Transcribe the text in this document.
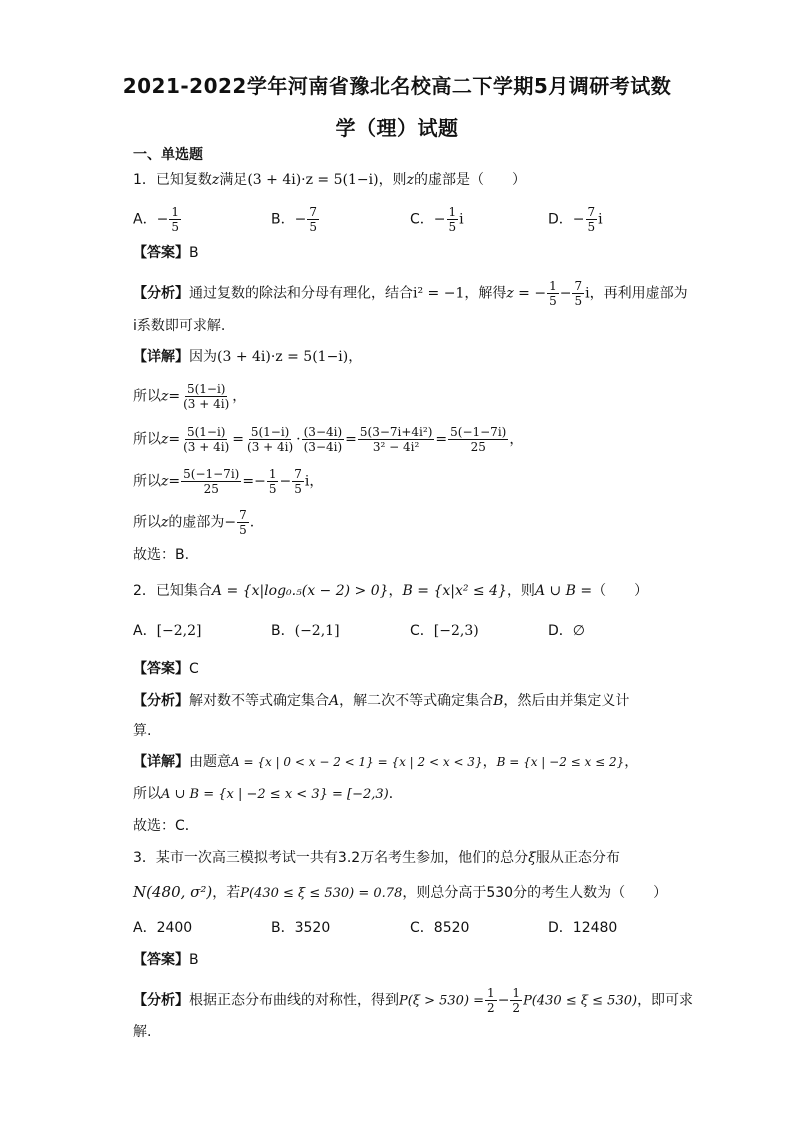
2021-2022学年河南省豫北名校高二下学期5月调研考试数
学（理）试题
一、单选题
1．已知复数z满足(3 + 4i)·z = 5(1−i)，则z的虚部是（　　）
A．− $\frac{1}{5}$	B．− $\frac{7}{5}$	C．− $\frac{1}{5}$ i	D．− $\frac{7}{5}$ i
【答案】B
【分析】通过复数的除法和分母有理化，结合i² = −1，解得z = − $\frac{1}{5} - \frac{7}{5}$ i，再利用虚部为
i系数即可求解.
【详解】因为(3 + 4i)·z = 5(1−i)，
所以$z= \frac{5(1-i)}{(3 + 4i)}$ ，
所以$z= \frac{5(1-i)}{(3 + 4i)} = \frac{5(1-i)}{(3 + 4i)} \cdot \frac{(3-4i)}{(3-4i)} = \frac{\text{5(3−7i+4i²)}}{\text{3² − 4i²}} = \frac{5(-1-7i)}{25}$ ，
所以$z= \frac{5(-1-7i)}{25} =- \frac{1}{5} - \frac{7}{5}$ i，
所以z的虚部为− $\frac{7}{5}$ .
故选：B.
2．已知集合A = {x|log₀.₅(x − 2) > 0}，B = {x|x² ≤ 4}，则A ∪ B =（　　）
A．[−2,2]	B．(−2,1]	C．[−2,3)	D．∅
【答案】C
【分析】解对数不等式确定集合A，解二次不等式确定集合B，然后由并集定义计
算.
【详解】由题意A = {x | 0 < x − 2 < 1} = {x | 2 < x < 3}，B = {x | −2 ≤ x ≤ 2}，
所以A ∪ B = {x | −2 ≤ x < 3} = [−2,3)．
故选：C．
3．某市一次高三模拟考试一共有3.2万名考生参加，他们的总分ξ服从正态分布
N(480, σ²)，若P(430 ≤ ξ ≤ 530) = 0.78，则总分高于530分的考生人数为（　　）
A．2400	B．3520	C．8520	D．12480
【答案】B
【分析】根据正态分布曲线的对称性，得到$P(\xi > 530) = \frac{1}{2} - \frac{1}{2} P(430 \le \xi \le 530)$，即可求
解.
